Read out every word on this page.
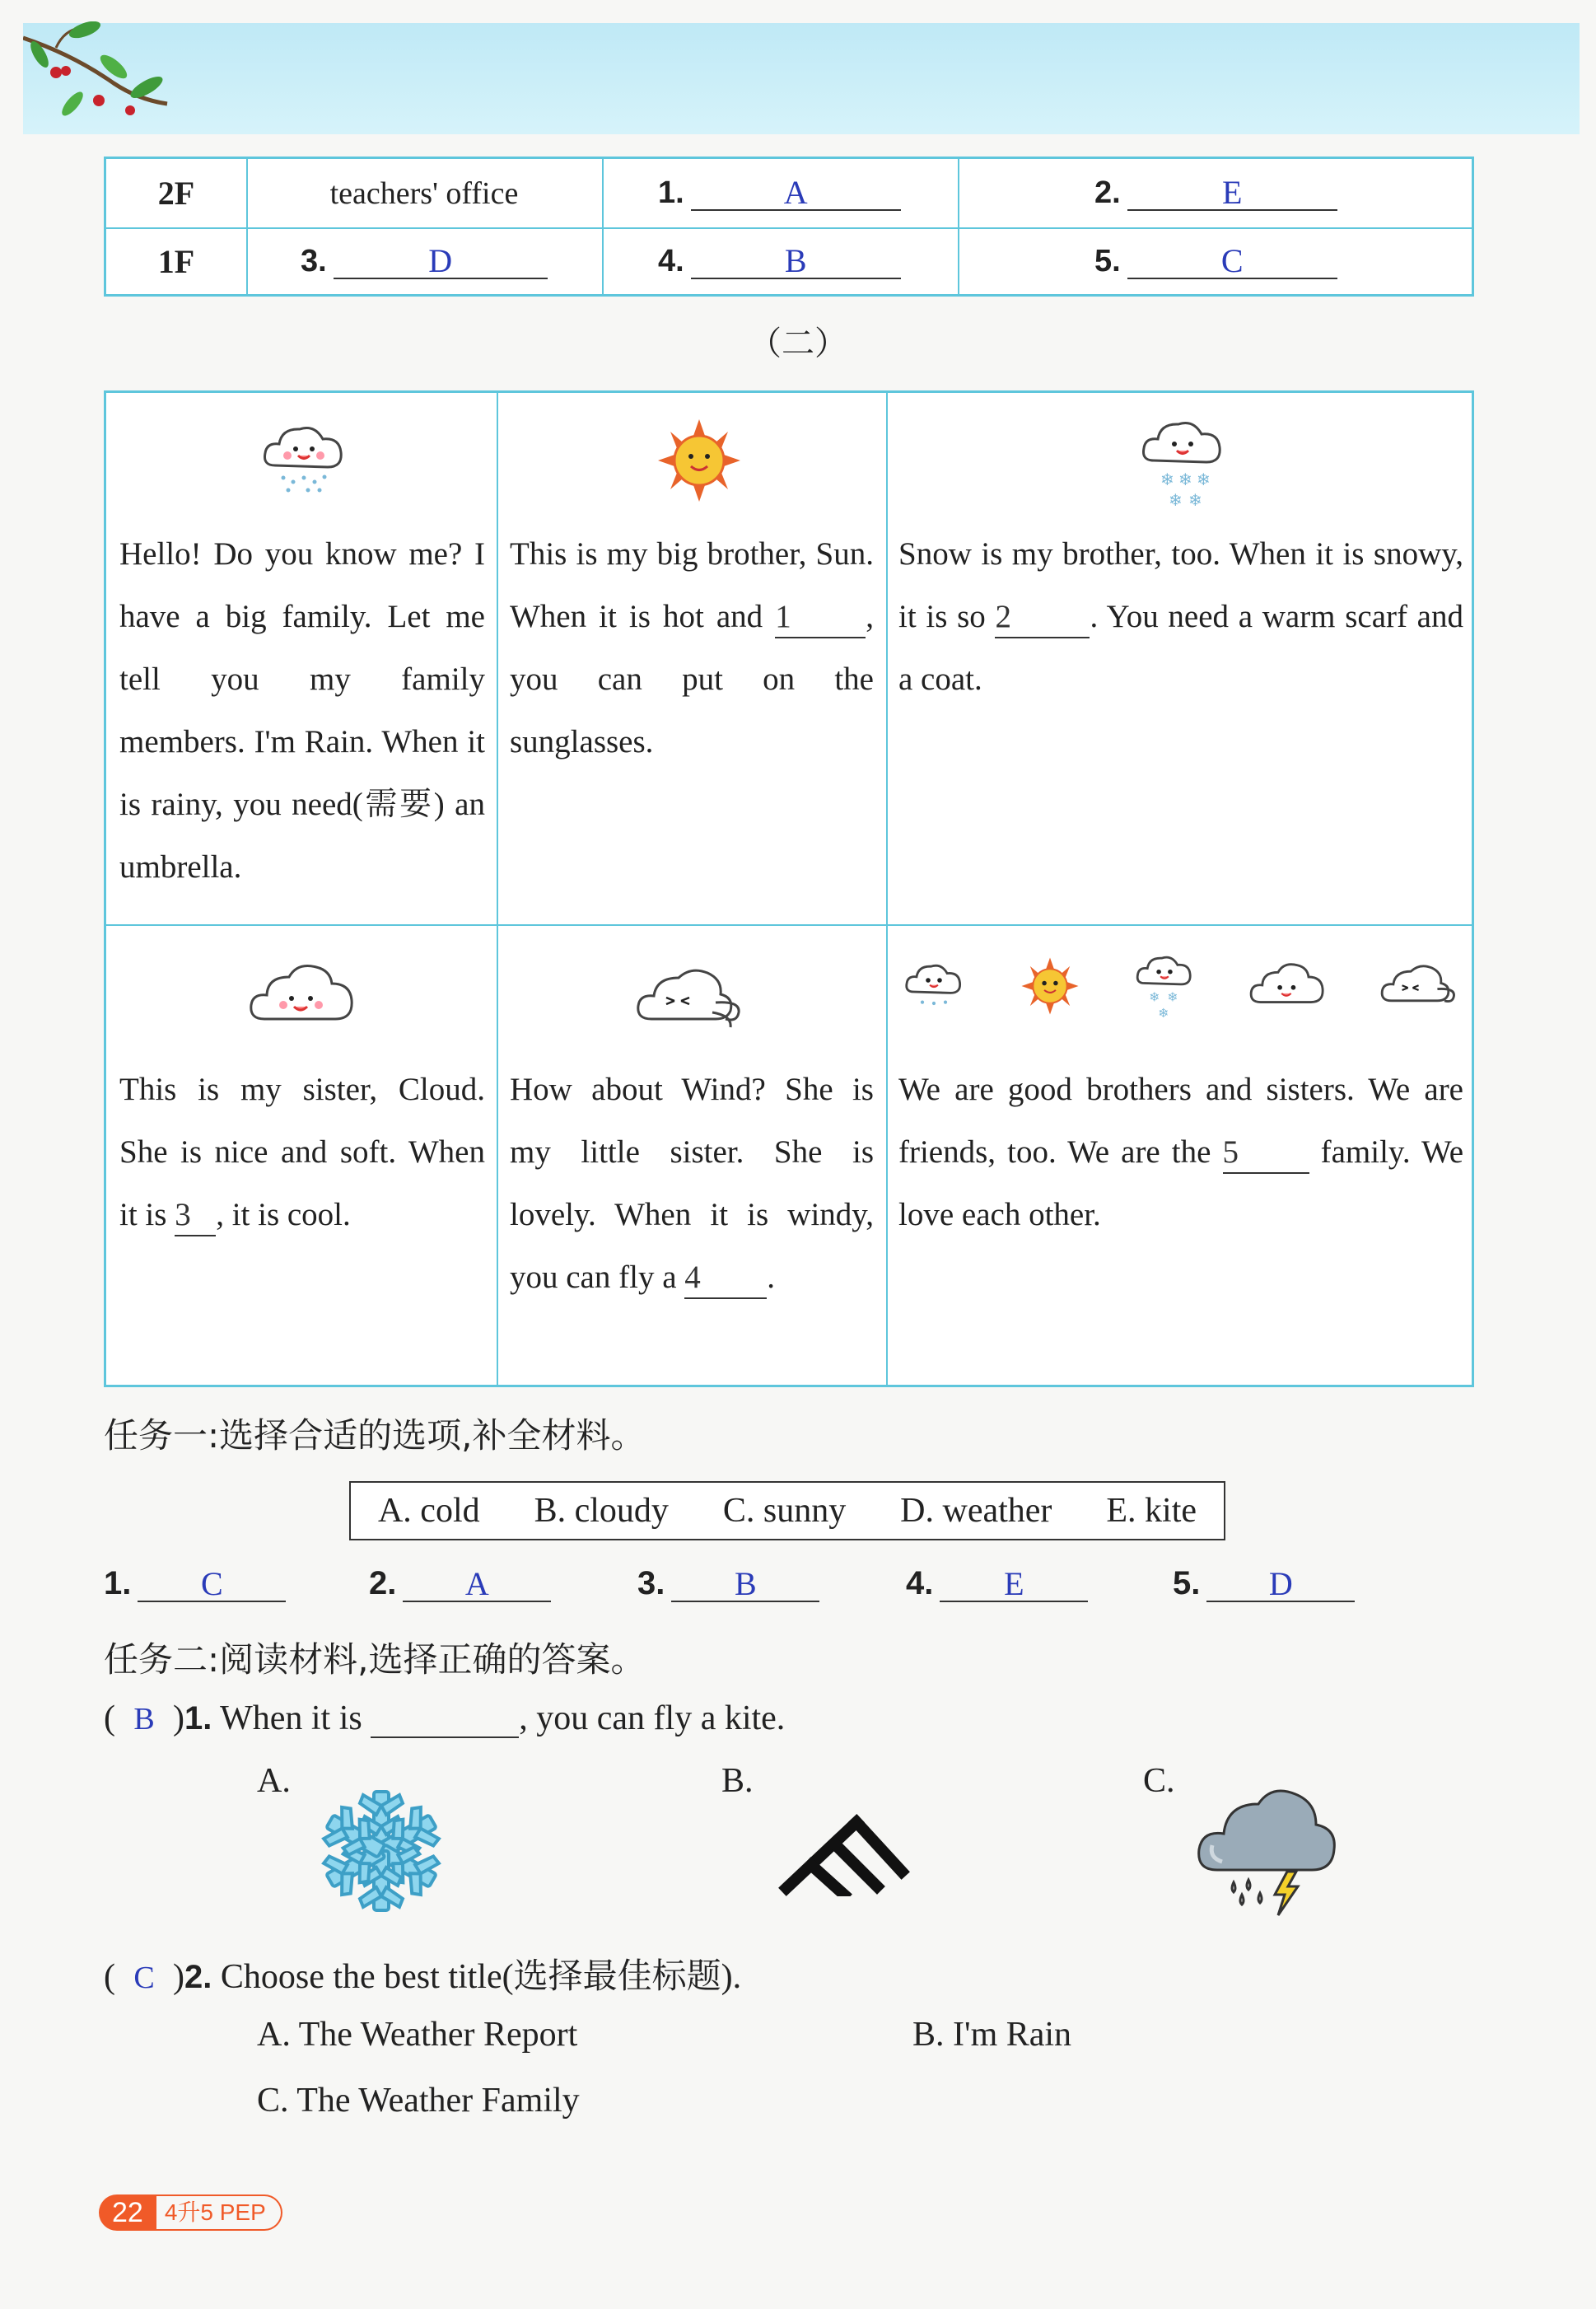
2F	teachers' office	1.	A	2.	E
1F	3.	D	4.	B	5.	C
（二）
Hello! Do you know me? I have a big family. Let me tell you my family members. I'm Rain. When it is rainy, you need(需要) an umbrella.
This is my big brother, Sun. When it is hot and 1 , you can put on the sunglasses.
❄ ❄ ❄
❄ ❄
Snow is my brother, too. When it is snowy, it is so 2 . You need a warm scarf and a coat.
This is my sister, Cloud. She is nice and soft. When it is 3 , it is cool.
How about Wind? She is my little sister. She is lovely. When it is windy, you can fly a 4 .
❄ ❄
❄
We are good brothers and sisters. We are friends, too. We are the 5	family. We love each other.
任务一:选择合适的选项,补全材料。
A. cold B. cloudy C. sunny D. weather E. kite
1.	C	2.	A	3.	B	4.	E	5.	D
任务二:阅读材料,选择正确的答案。
( B )1. When it is	, you can fly a kite.
A.	B.	C.
( C )2. Choose the best title(选择最佳标题).
A. The Weather Report	B. I'm Rain
C. The Weather Family
22 4升5 PEP
